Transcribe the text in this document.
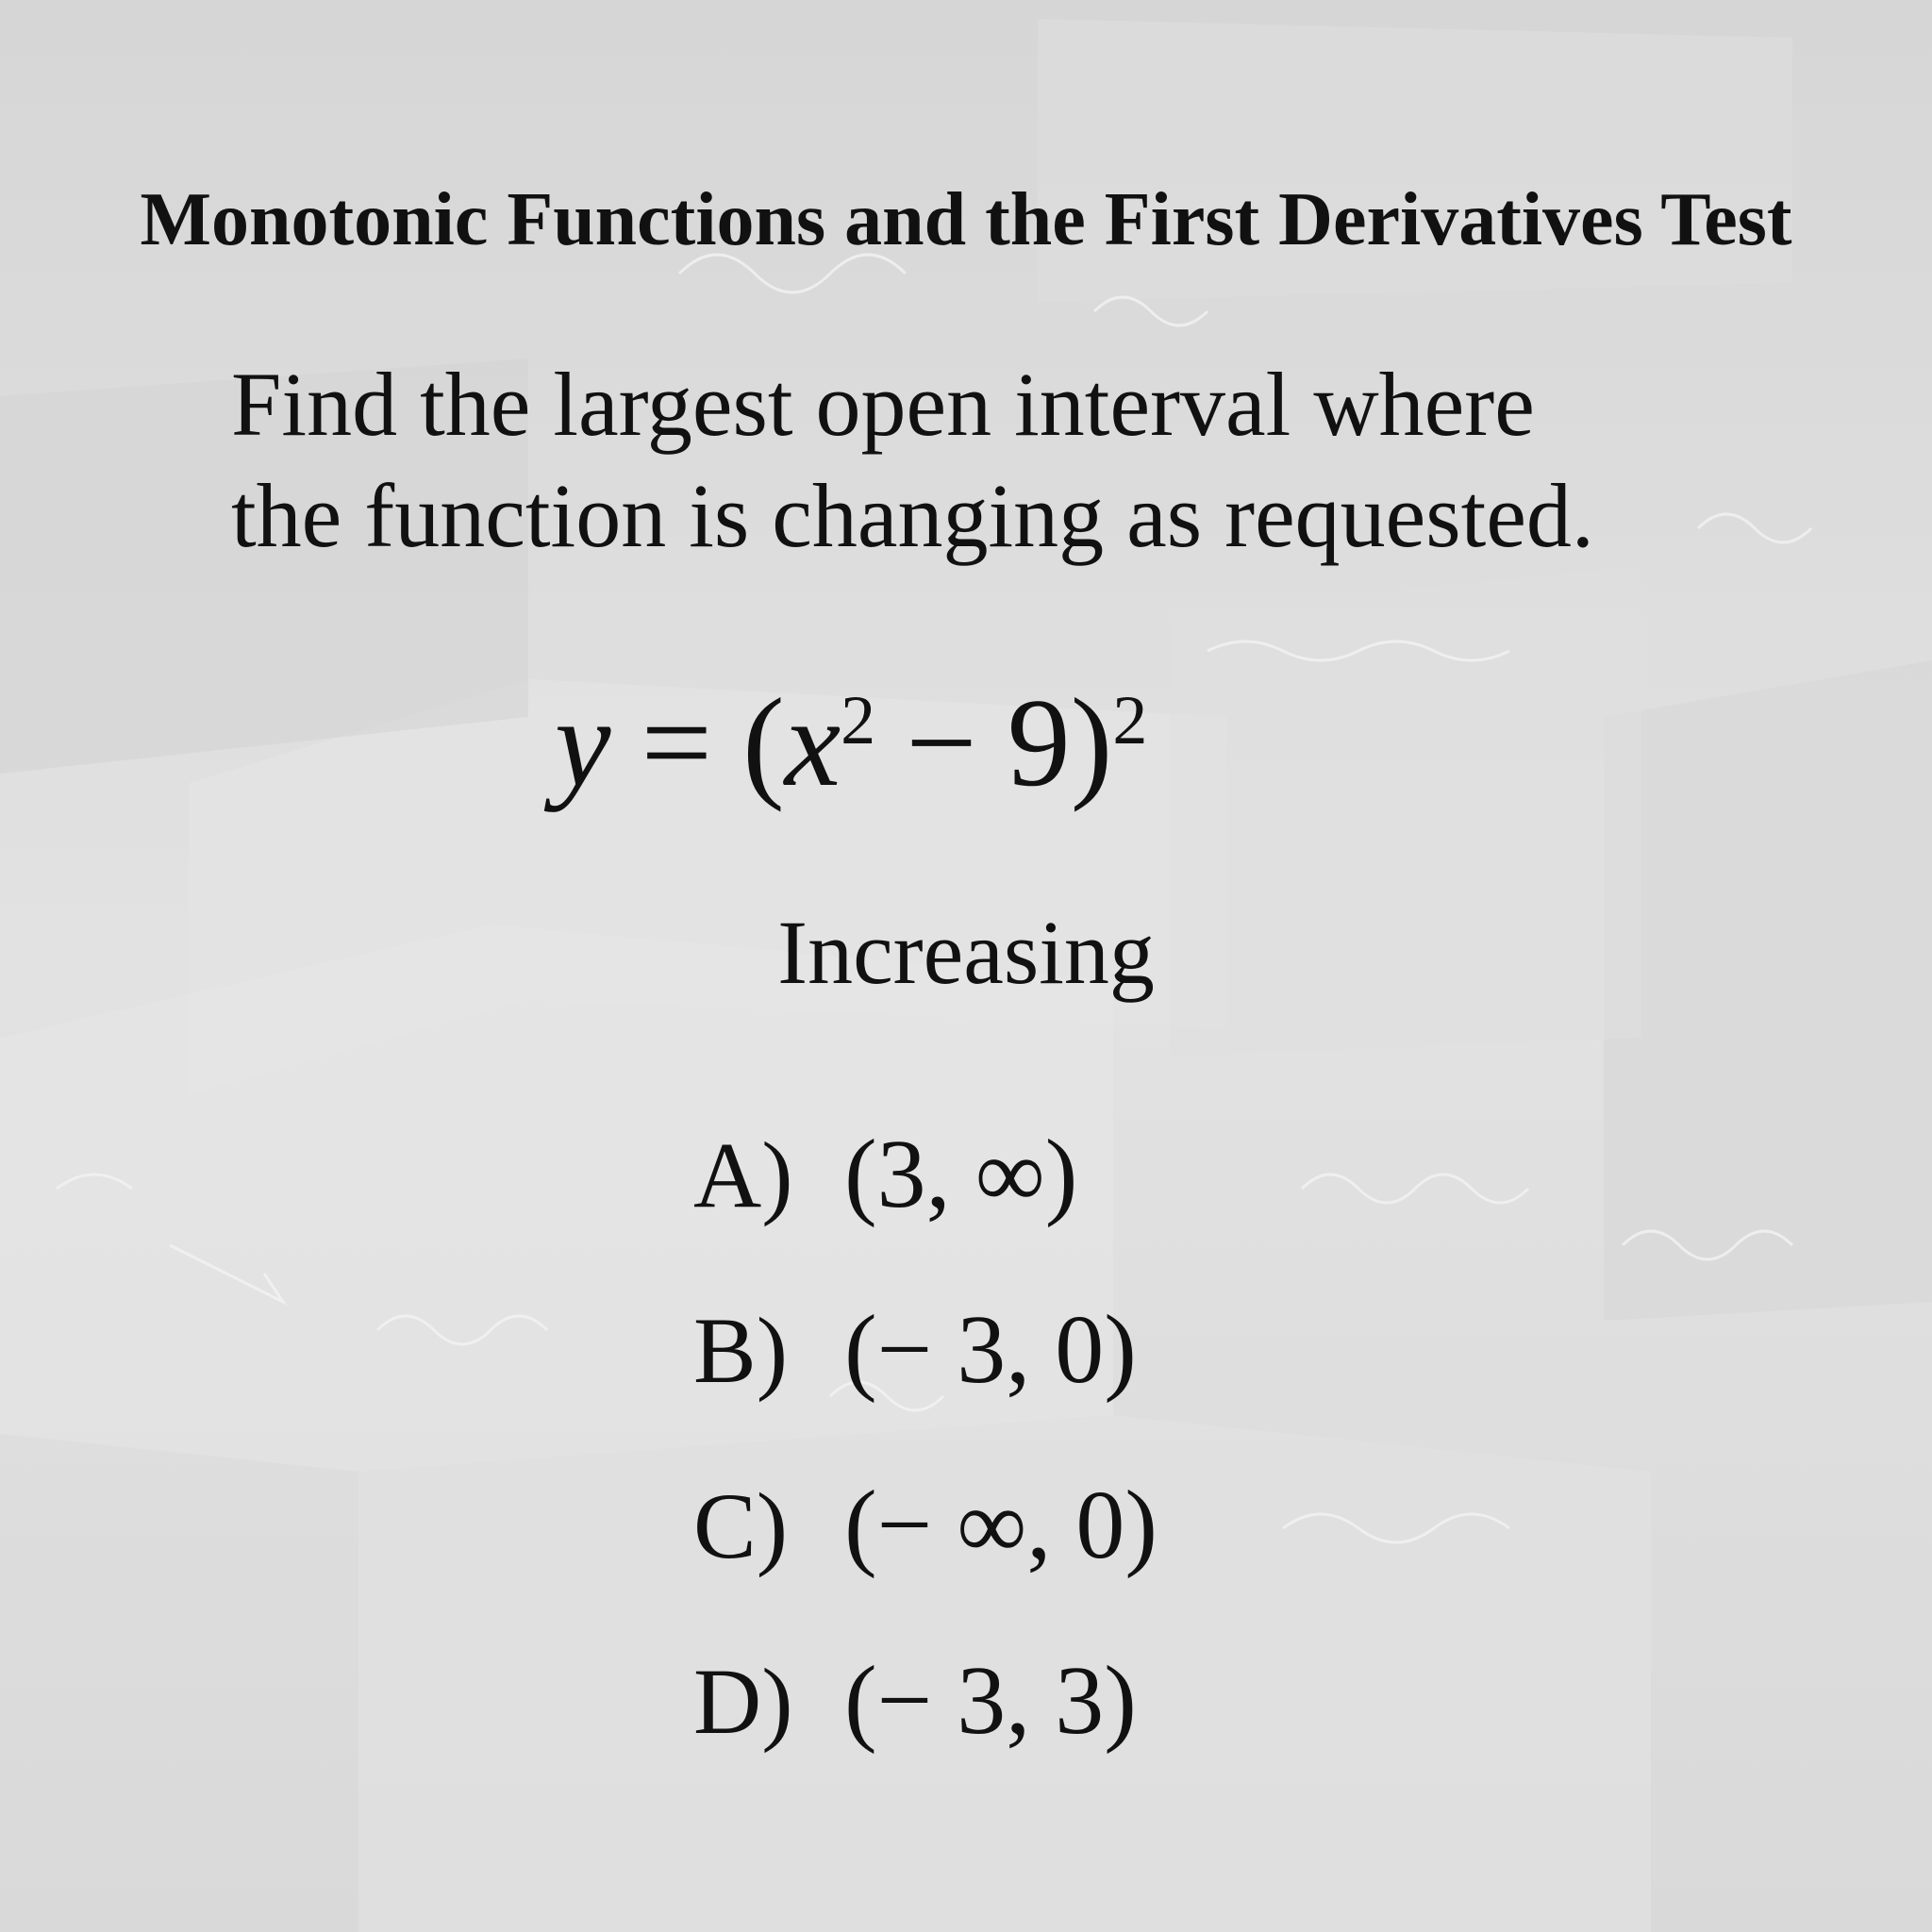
Monotonic Functions and the First Derivatives Test
Find the largest open interval where
the function is changing as requested.
$y = (x^2 - 9)^2$
Increasing
A) (3, ∞)
B) (− 3, 0)
C) (− ∞, 0)
D) (− 3, 3)
